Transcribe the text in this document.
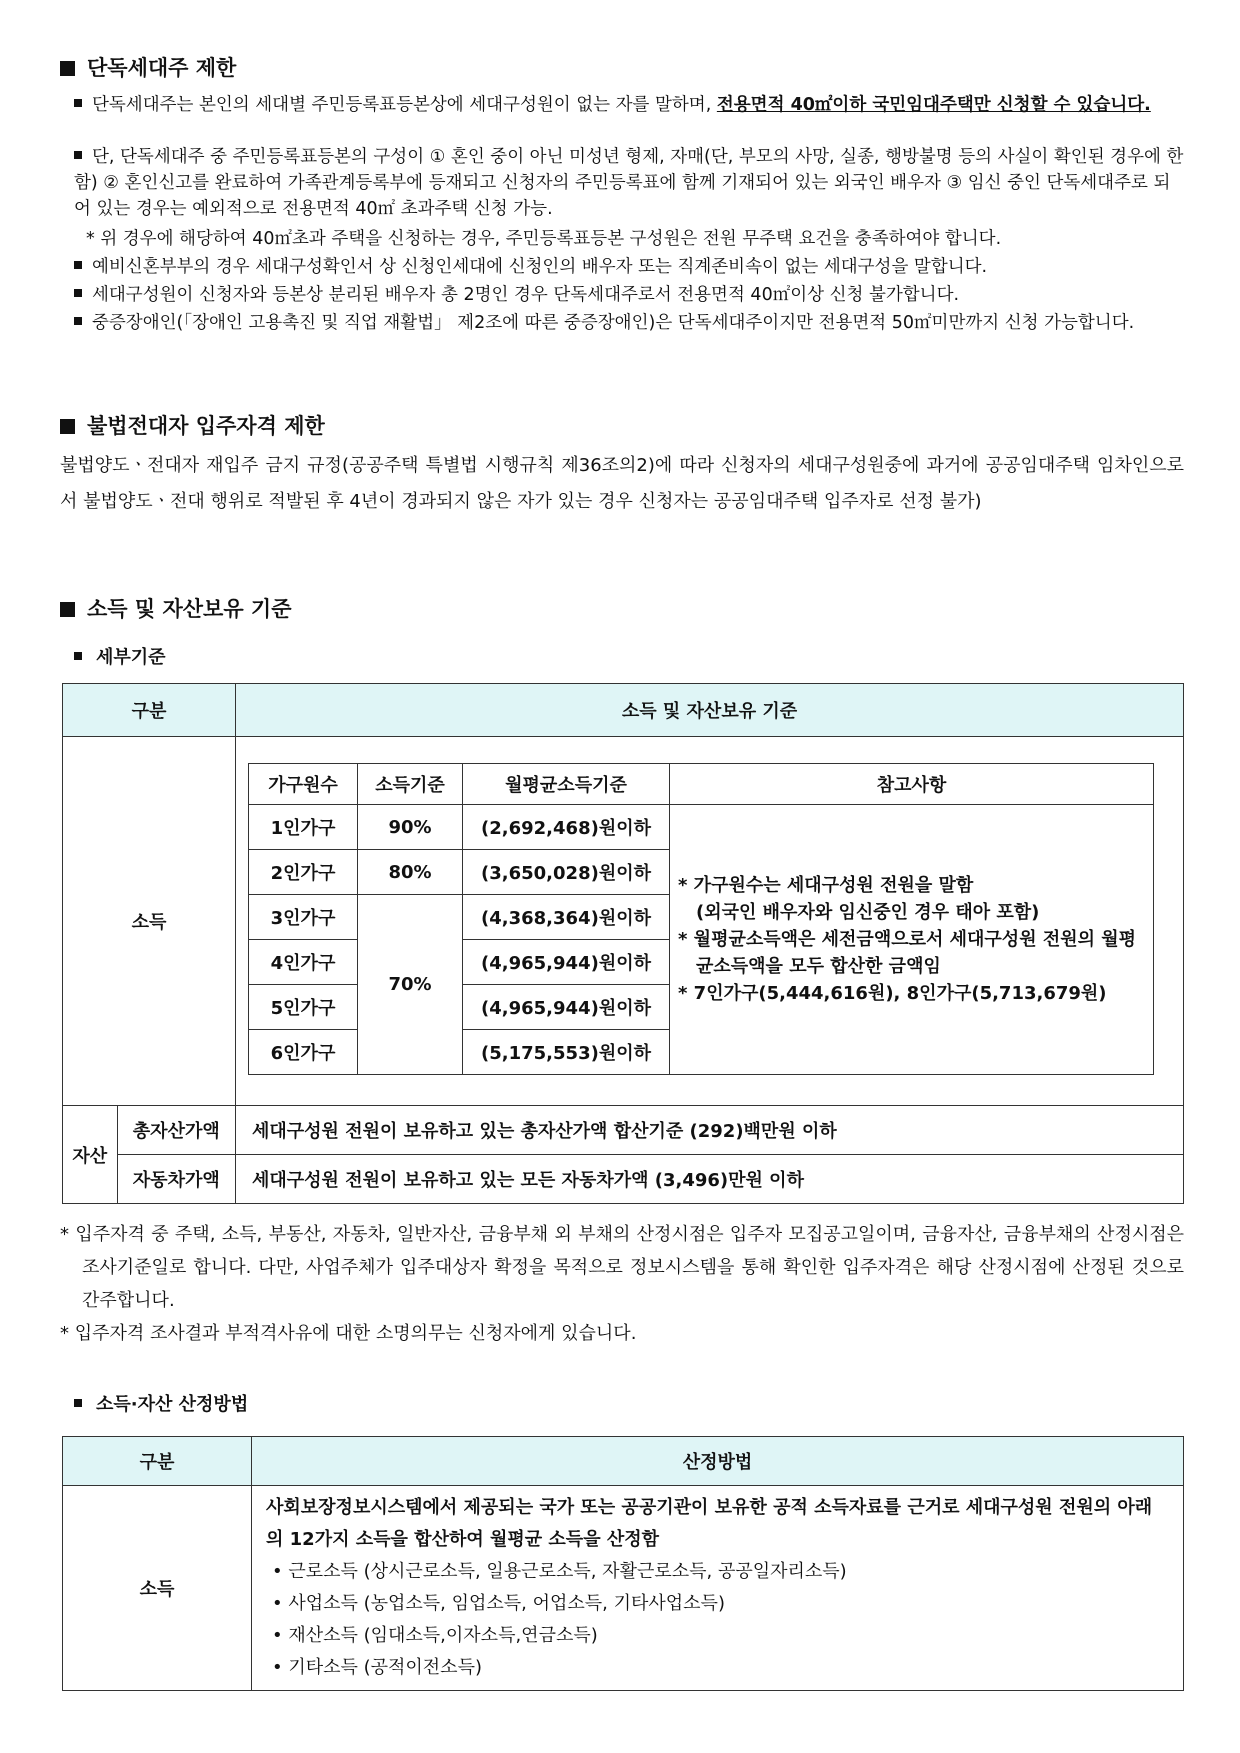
단독세대주 제한
단독세대주는 본인의 세대별 주민등록표등본상에 세대구성원이 없는 자를 말하며, 전용면적 40㎡이하 국민임대주택만 신청할 수 있습니다.
단, 단독세대주 중 주민등록표등본의 구성이 ① 혼인 중이 아닌 미성년 형제, 자매(단, 부모의 사망, 실종, 행방불명 등의 사실이 확인된 경우에 한함) ② 혼인신고를 완료하여 가족관계등록부에 등재되고 신청자의 주민등록표에 함께 기재되어 있는 외국인 배우자 ③ 임신 중인 단독세대주로 되어 있는 경우는 예외적으로 전용면적 40㎡ 초과주택 신청 가능.
* 위 경우에 해당하여 40㎡초과 주택을 신청하는 경우, 주민등록표등본 구성원은 전원 무주택 요건을 충족하여야 합니다.
예비신혼부부의 경우 세대구성확인서 상 신청인세대에 신청인의 배우자 또는 직계존비속이 없는 세대구성을 말합니다.
세대구성원이 신청자와 등본상 분리된 배우자 총 2명인 경우 단독세대주로서 전용면적 40㎡이상 신청 불가합니다.
중증장애인(「장애인 고용촉진 및 직업 재활법」 제2조에 따른 중증장애인)은 단독세대주이지만 전용면적 50㎡미만까지 신청 가능합니다.
불법전대자 입주자격 제한
불법양도ㆍ전대자 재입주 금지 규정(공공주택 특별법 시행규칙 제36조의2)에 따라 신청자의 세대구성원중에 과거에 공공임대주택 임차인으로서 불법양도ㆍ전대 행위로 적발된 후 4년이 경과되지 않은 자가 있는 경우 신청자는 공공임대주택 입주자로 선정 불가)
소득 및 자산보유 기준
세부기준
구분	소득 및 자산보유 기준
소득	
가구원수	소득기준	월평균소득기준	참고사항
1인가구	90%	(2,692,468)원이하	
* 가구원수는 세대구성원 전원을 말함
(외국인 배우자와 임신중인 경우 태아 포함)
* 월평균소득액은 세전금액으로서 세대구성원 전원의 월평균소득액을 모두 합산한 금액임
* 7인가구(5,444,616원), 8인가구(5,713,679원)

2인가구	80%	(3,650,028)원이하
3인가구	70%	(4,368,364)원이하
4인가구	(4,965,944)원이하
5인가구	(4,965,944)원이하
6인가구	(5,175,553)원이하

자산	총자산가액	세대구성원 전원이 보유하고 있는 총자산가액 합산기준 (292)백만원 이하
자동차가액	세대구성원 전원이 보유하고 있는 모든 자동차가액 (3,496)만원 이하

* 입주자격 중 주택, 소득, 부동산, 자동차, 일반자산, 금융부채 외 부채의 산정시점은 입주자 모집공고일이며, 금융자산, 금융부채의 산정시점은 조사기준일로 합니다. 다만, 사업주체가 입주대상자 확정을 목적으로 정보시스템을 통해 확인한 입주자격은 해당 산정시점에 산정된 것으로 간주합니다.

* 입주자격 조사결과 부적격사유에 대한 소명의무는 신청자에게 있습니다.

소득·자산 산정방법
구분	산정방법
소득	사회보장정보시스템에서 제공되는 국가 또는 공공기관이 보유한 공적 소득자료를 근거로 세대구성원 전원의 아래의 12가지 소득을 합산하여 월평균 소득을 산정함
• 근로소득 (상시근로소득, 일용근로소득, 자활근로소득, 공공일자리소득)
• 사업소득 (농업소득, 임업소득, 어업소득, 기타사업소득)
• 재산소득 (임대소득,이자소득,연금소득)
• 기타소득 (공적이전소득)
